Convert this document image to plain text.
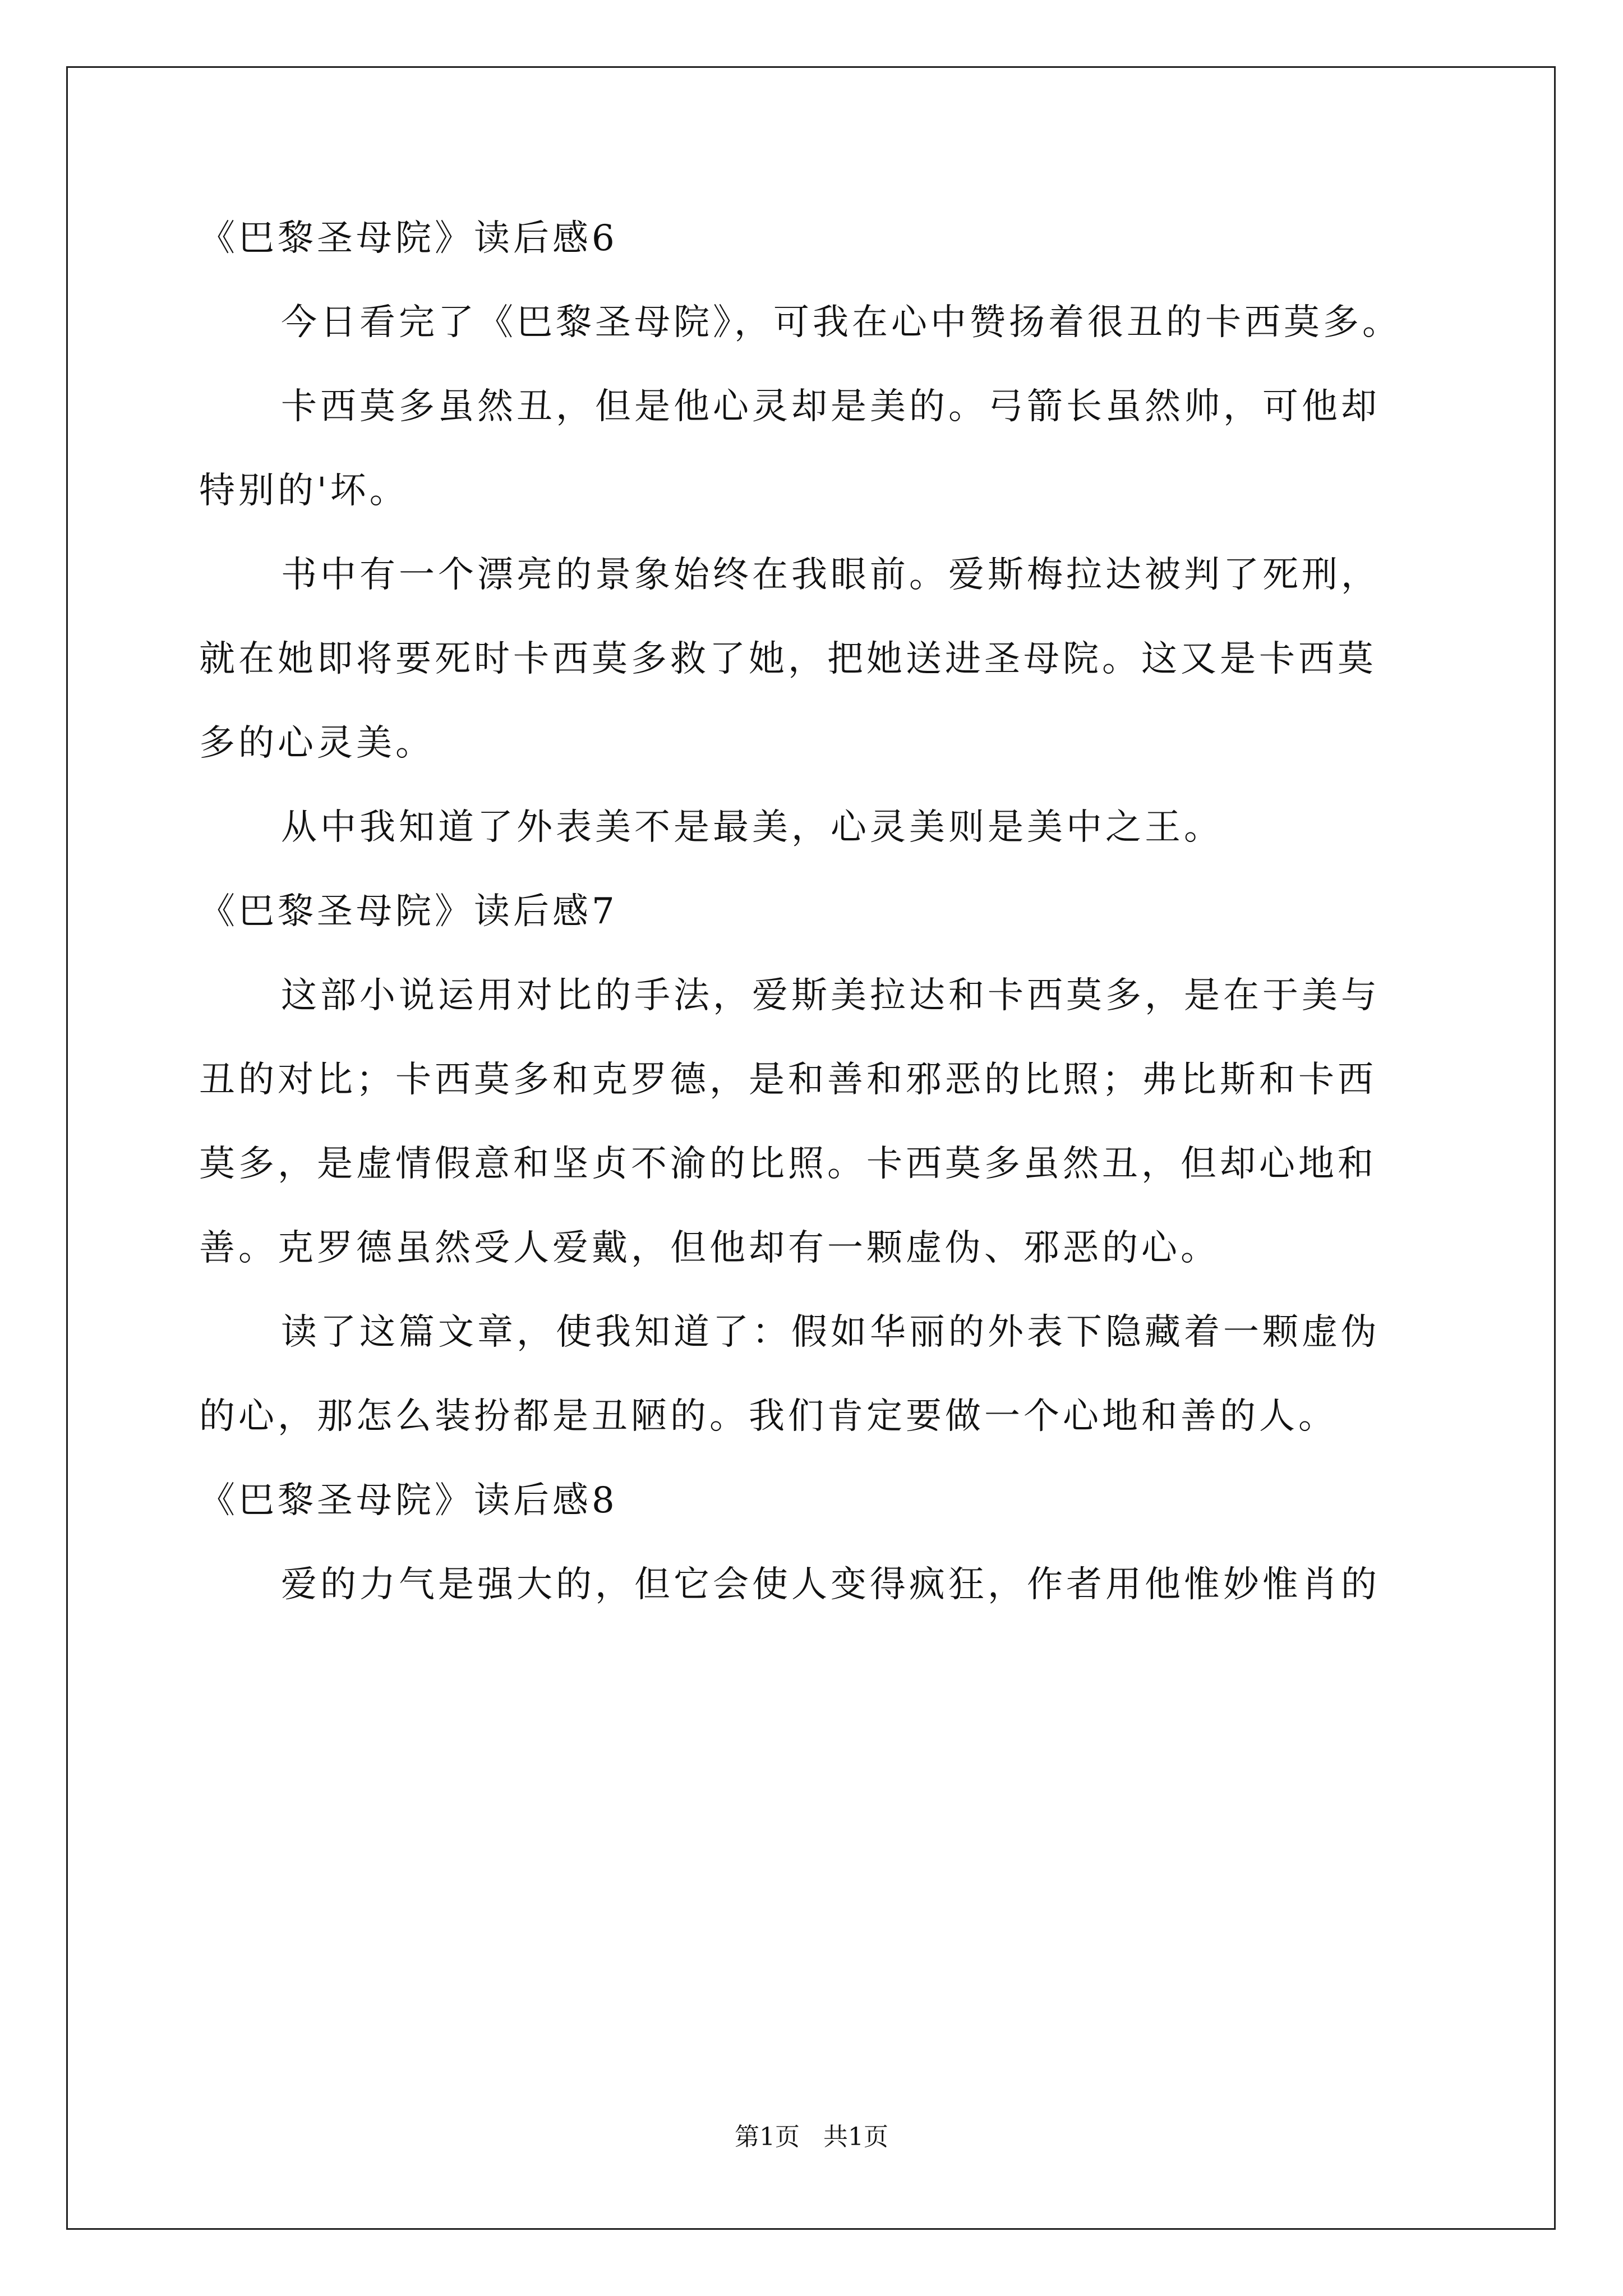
《巴黎圣母院》读后感6
今日看完了《巴黎圣母院》，可我在心中赞扬着很丑的卡西莫多。
卡西莫多虽然丑，但是他心灵却是美的。弓箭长虽然帅，可他却
特别的'坏。
书中有一个漂亮的景象始终在我眼前。爱斯梅拉达被判了死刑，
就在她即将要死时卡西莫多救了她，把她送进圣母院。这又是卡西莫
多的心灵美。
从中我知道了外表美不是最美，心灵美则是美中之王。
《巴黎圣母院》读后感7
这部小说运用对比的手法，爱斯美拉达和卡西莫多，是在于美与
丑的对比；卡西莫多和克罗德，是和善和邪恶的比照；弗比斯和卡西
莫多，是虚情假意和坚贞不渝的比照。卡西莫多虽然丑，但却心地和
善。克罗德虽然受人爱戴，但他却有一颗虚伪、邪恶的心。
读了这篇文章，使我知道了：假如华丽的外表下隐藏着一颗虚伪
的心，那怎么装扮都是丑陋的。我们肯定要做一个心地和善的人。
《巴黎圣母院》读后感8
爱的力气是强大的，但它会使人变得疯狂，作者用他惟妙惟肖的
第1页   共1页
